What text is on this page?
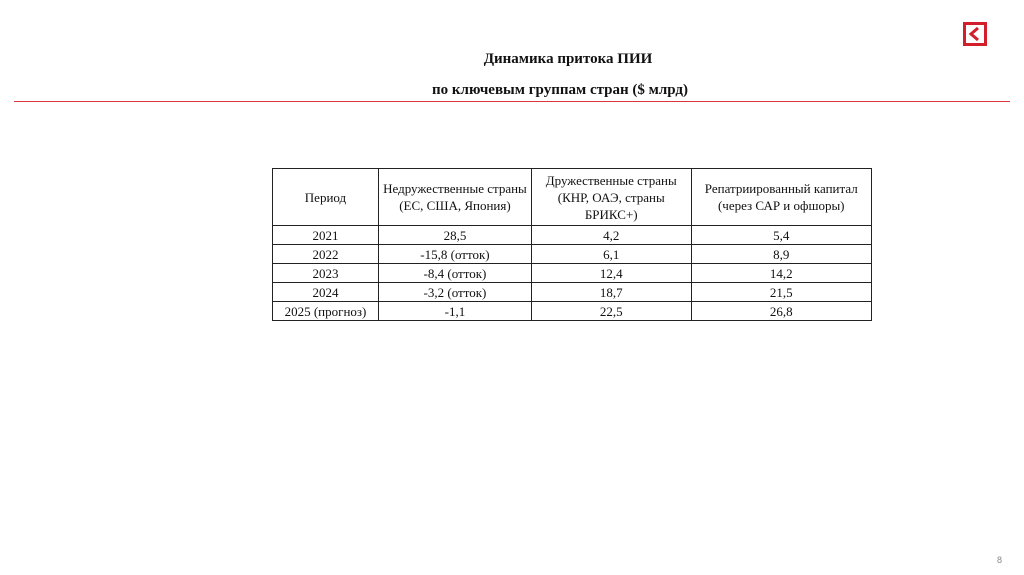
Динамика притока ПИИ
по ключевым группам стран ($ млрд)
Период	Недружественные страны (ЕС, США, Япония)	Дружественные страны (КНР, ОАЭ, страны БРИКС+)	Репатриированный капитал (через САР и офшоры)
2021	28,5	4,2	5,4
2022	-15,8 (отток)	6,1	8,9
2023	-8,4 (отток)	12,4	14,2
2024	-3,2 (отток)	18,7	21,5
2025 (прогноз)	-1,1	22,5	26,8
8
